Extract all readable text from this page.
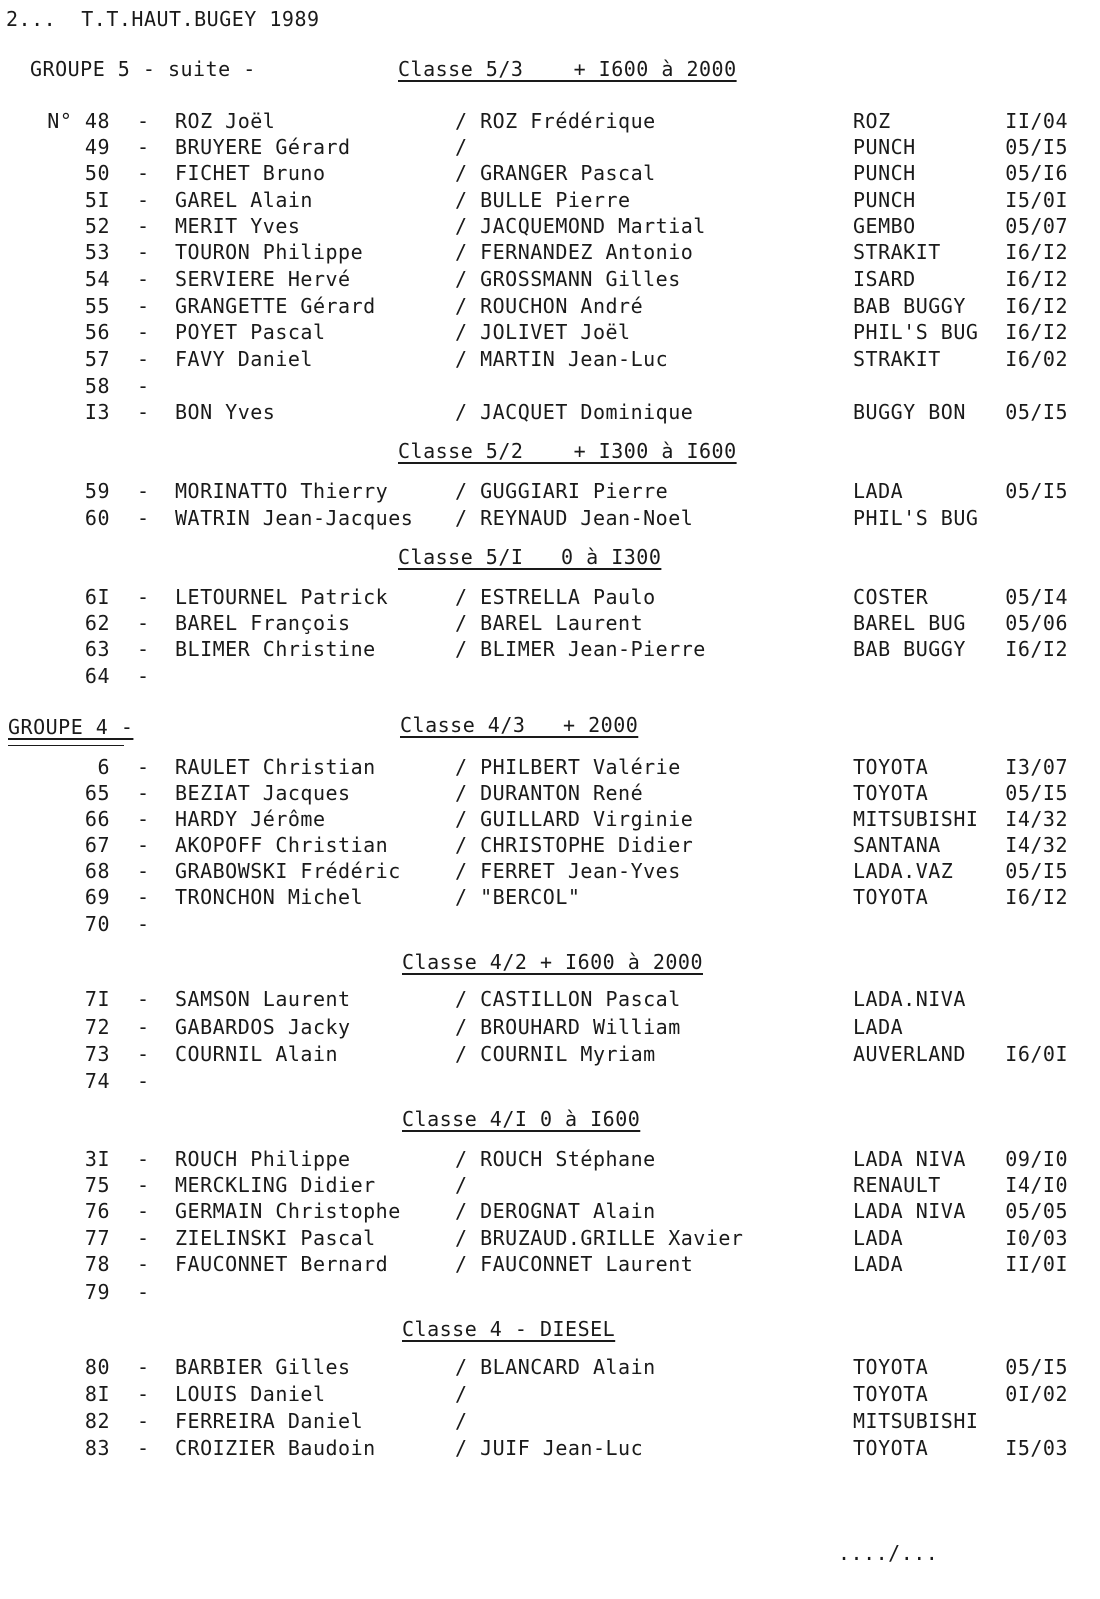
2...  T.T.HAUT.BUGEY 1989
..../...
GROUPE 5 - suite -	Classe 5/3    + I600 à 2000
N° 48 - ROZ Joël	/ ROZ Frédérique	ROZ	II/04
49 - BRUYERE Gérard	/	PUNCH	05/I5
50 - FICHET Bruno	/ GRANGER Pascal	PUNCH	05/I6
5I - GAREL Alain	/ BULLE Pierre	PUNCH	I5/0I
52 - MERIT Yves	/ JACQUEMOND Martial	GEMBO	05/07
53 - TOURON Philippe	/ FERNANDEZ Antonio	STRAKIT	I6/I2
54 - SERVIERE Hervé	/ GROSSMANN Gilles	ISARD	I6/I2
55 - GRANGETTE Gérard	/ ROUCHON André	BAB BUGGY I6/I2
56 - POYET Pascal	/ JOLIVET Joël	PHIL'S BUG I6/I2
57 - FAVY Daniel	/ MARTIN Jean-Luc	STRAKIT	I6/02
58 -
I3 - BON Yves	/ JACQUET Dominique	BUGGY BON 05/I5
Classe 5/2    + I300 à I600
59 - MORINATTO Thierry	/ GUGGIARI Pierre	LADA	05/I5
60 - WATRIN Jean-Jacques / REYNAUD Jean-Noel	PHIL'S BUG
Classe 5/I   0 à I300
6I - LETOURNEL Patrick	/ ESTRELLA Paulo	COSTER	05/I4
62 - BAREL François	/ BAREL Laurent	BAREL BUG 05/06
63 - BLIMER Christine	/ BLIMER Jean-Pierre	BAB BUGGY I6/I2
64 -
GROUPE 4 -	Classe 4/3   + 2000
6 - RAULET Christian	/ PHILBERT Valérie	TOYOTA	I3/07
65 - BEZIAT Jacques	/ DURANTON René	TOYOTA	05/I5
66 - HARDY Jérôme	/ GUILLARD Virginie	MITSUBISHI I4/32
67 - AKOPOFF Christian	/ CHRISTOPHE Didier	SANTANA	I4/32
68 - GRABOWSKI Frédéric	/ FERRET Jean-Yves	LADA.VAZ	05/I5
69 - TRONCHON Michel	/ "BERCOL"	TOYOTA	I6/I2
70 -
Classe 4/2 + I600 à 2000
7I - SAMSON Laurent	/ CASTILLON Pascal	LADA.NIVA
72 - GABARDOS Jacky	/ BROUHARD William	LADA
73 - COURNIL Alain	/ COURNIL Myriam	AUVERLAND I6/0I
74 -
Classe 4/I 0 à I600
3I - ROUCH Philippe	/ ROUCH Stéphane	LADA NIVA 09/I0
75 - MERCKLING Didier	/	RENAULT	I4/I0
76 - GERMAIN Christophe	/ DEROGNAT Alain	LADA NIVA 05/05
77 - ZIELINSKI Pascal	/ BRUZAUD.GRILLE Xavier	LADA	I0/03
78 - FAUCONNET Bernard	/ FAUCONNET Laurent	LADA	II/0I
79 -
Classe 4 - DIESEL
80 - BARBIER Gilles	/ BLANCARD Alain	TOYOTA	05/I5
8I - LOUIS Daniel	/	TOYOTA	0I/02
82 - FERREIRA Daniel	/	MITSUBISHI
83 - CROIZIER Baudoin	/ JUIF Jean-Luc	TOYOTA	I5/03
